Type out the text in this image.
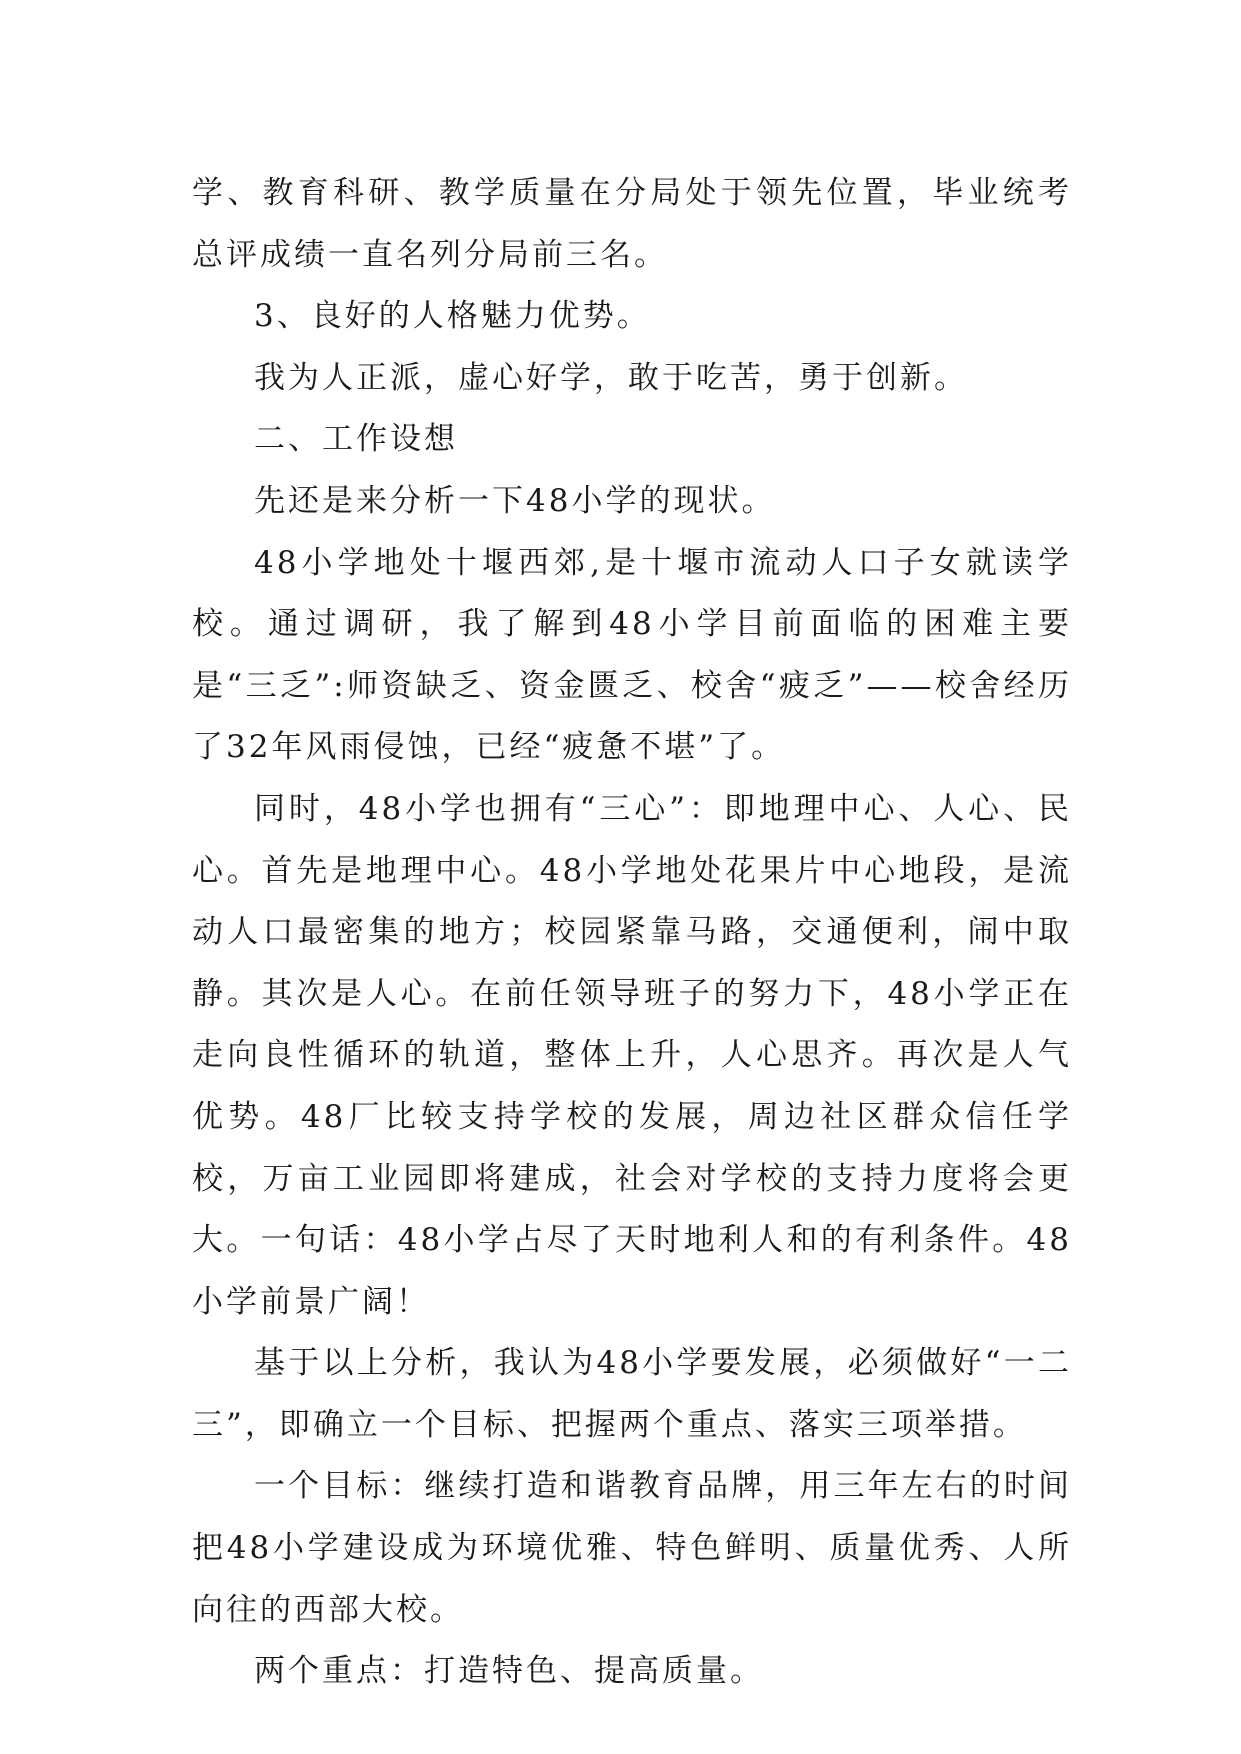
学、教育科研、教学质量在分局处于领先位置，毕业统考总评成绩一直名列分局前三名。

3、良好的人格魅力优势。

我为人正派，虚心好学，敢于吃苦，勇于创新。

二、工作设想

先还是来分析一下48小学的现状。

48小学地处十堰西郊,是十堰市流动人口子女就读学校。通过调研，我了解到48小学目前面临的困难主要是“三乏”:师资缺乏、资金匮乏、校舍“疲乏”——校舍经历了32年风雨侵蚀，已经“疲惫不堪”了。

同时，48小学也拥有“三心”：即地理中心、人心、民心。首先是地理中心。48小学地处花果片中心地段，是流动人口最密集的地方；校园紧靠马路，交通便利，闹中取静。其次是人心。在前任领导班子的努力下，48小学正在走向良性循环的轨道，整体上升，人心思齐。再次是人气优势。48厂比较支持学校的发展，周边社区群众信任学校，万亩工业园即将建成，社会对学校的支持力度将会更大。一句话：48小学占尽了天时地利人和的有利条件。48小学前景广阔！

基于以上分析，我认为48小学要发展，必须做好“一二三”，即确立一个目标、把握两个重点、落实三项举措。

一个目标：继续打造和谐教育品牌，用三年左右的时间把48小学建设成为环境优雅、特色鲜明、质量优秀、人所向往的西部大校。

两个重点：打造特色、提高质量。
